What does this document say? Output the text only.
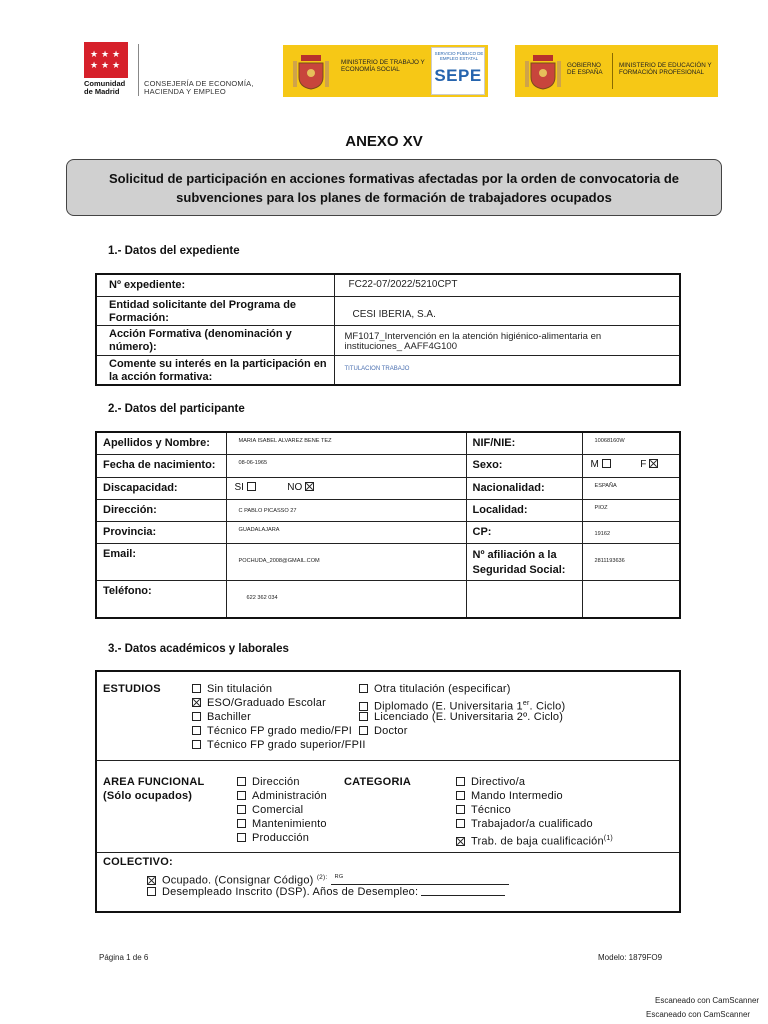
★ ★ ★
★ ★ ★
Comunidad de Madrid
CONSEJERÍA DE ECONOMÍA, HACIENDA Y EMPLEO
MINISTERIO DE TRABAJO Y ECONOMÍA SOCIAL
SERVICIO PÚBLICO DE EMPLEO ESTATAL
SEPE
GOBIERNO DE ESPAÑA
MINISTERIO DE EDUCACIÓN Y FORMACIÓN PROFESIONAL
ANEXO XV
Solicitud de participación en acciones formativas afectadas por la orden de convocatoria de subvenciones para los planes de formación de trabajadores ocupados
1.- Datos del expediente
Nº expediente:	FC22-07/2022/5210CPT
Entidad solicitante del Programa de Formación:	CESI IBERIA, S.A.
Acción Formativa (denominación y número):	MF1017_Intervención en la atención higiénico-alimentaria en instituciones_ AAFF4G100
Comente su interés en la participación en la acción formativa:	TITULACION TRABAJO
2.- Datos del participante
Apellidos y Nombre:	MARIA ISABEL ALVAREZ BENE TEZ	NIF/NIE:	10068160W
Fecha de nacimiento:	08-06-1965	Sexo:	M F
Discapacidad:	SI NO	Nacionalidad:	ESPAÑA
Dirección:	C PABLO PICASSO 27	Localidad:	PIOZ
Provincia:	GUADALAJARA	CP:	19162
Email:	POCHUDA_2008@GMAIL.COM	Nº afiliación a la Seguridad Social:	2811193636
Teléfono:	622 362 034		
3.- Datos académicos y laborales
ESTUDIOS	Sin titulación
ESO/Graduado Escolar
Bachiller
Técnico FP grado medio/FPI
Técnico FP grado superior/FPII
Otra titulación (especificar)
Diplomado (E. Universitaria 1er. Ciclo)
Licenciado (E. Universitaria 2º. Ciclo)
Doctor
AREA FUNCIONAL
(Sólo ocupados)
Dirección
Administración
Comercial
Mantenimiento
Producción
CATEGORIA	Directivo/a
Mando Intermedio
Técnico
Trabajador/a cualificado
Trab. de baja cualificación$^{(1)}$
COLECTIVO:
Ocupado. (Consignar Código) $^{(2):}$ RG
Desempleado Inscrito (DSP). Años de Desempleo:
Página 1 de 6	Modelo: 1879FO9
Escaneado con CamScanner
Escaneado con CamScanner
